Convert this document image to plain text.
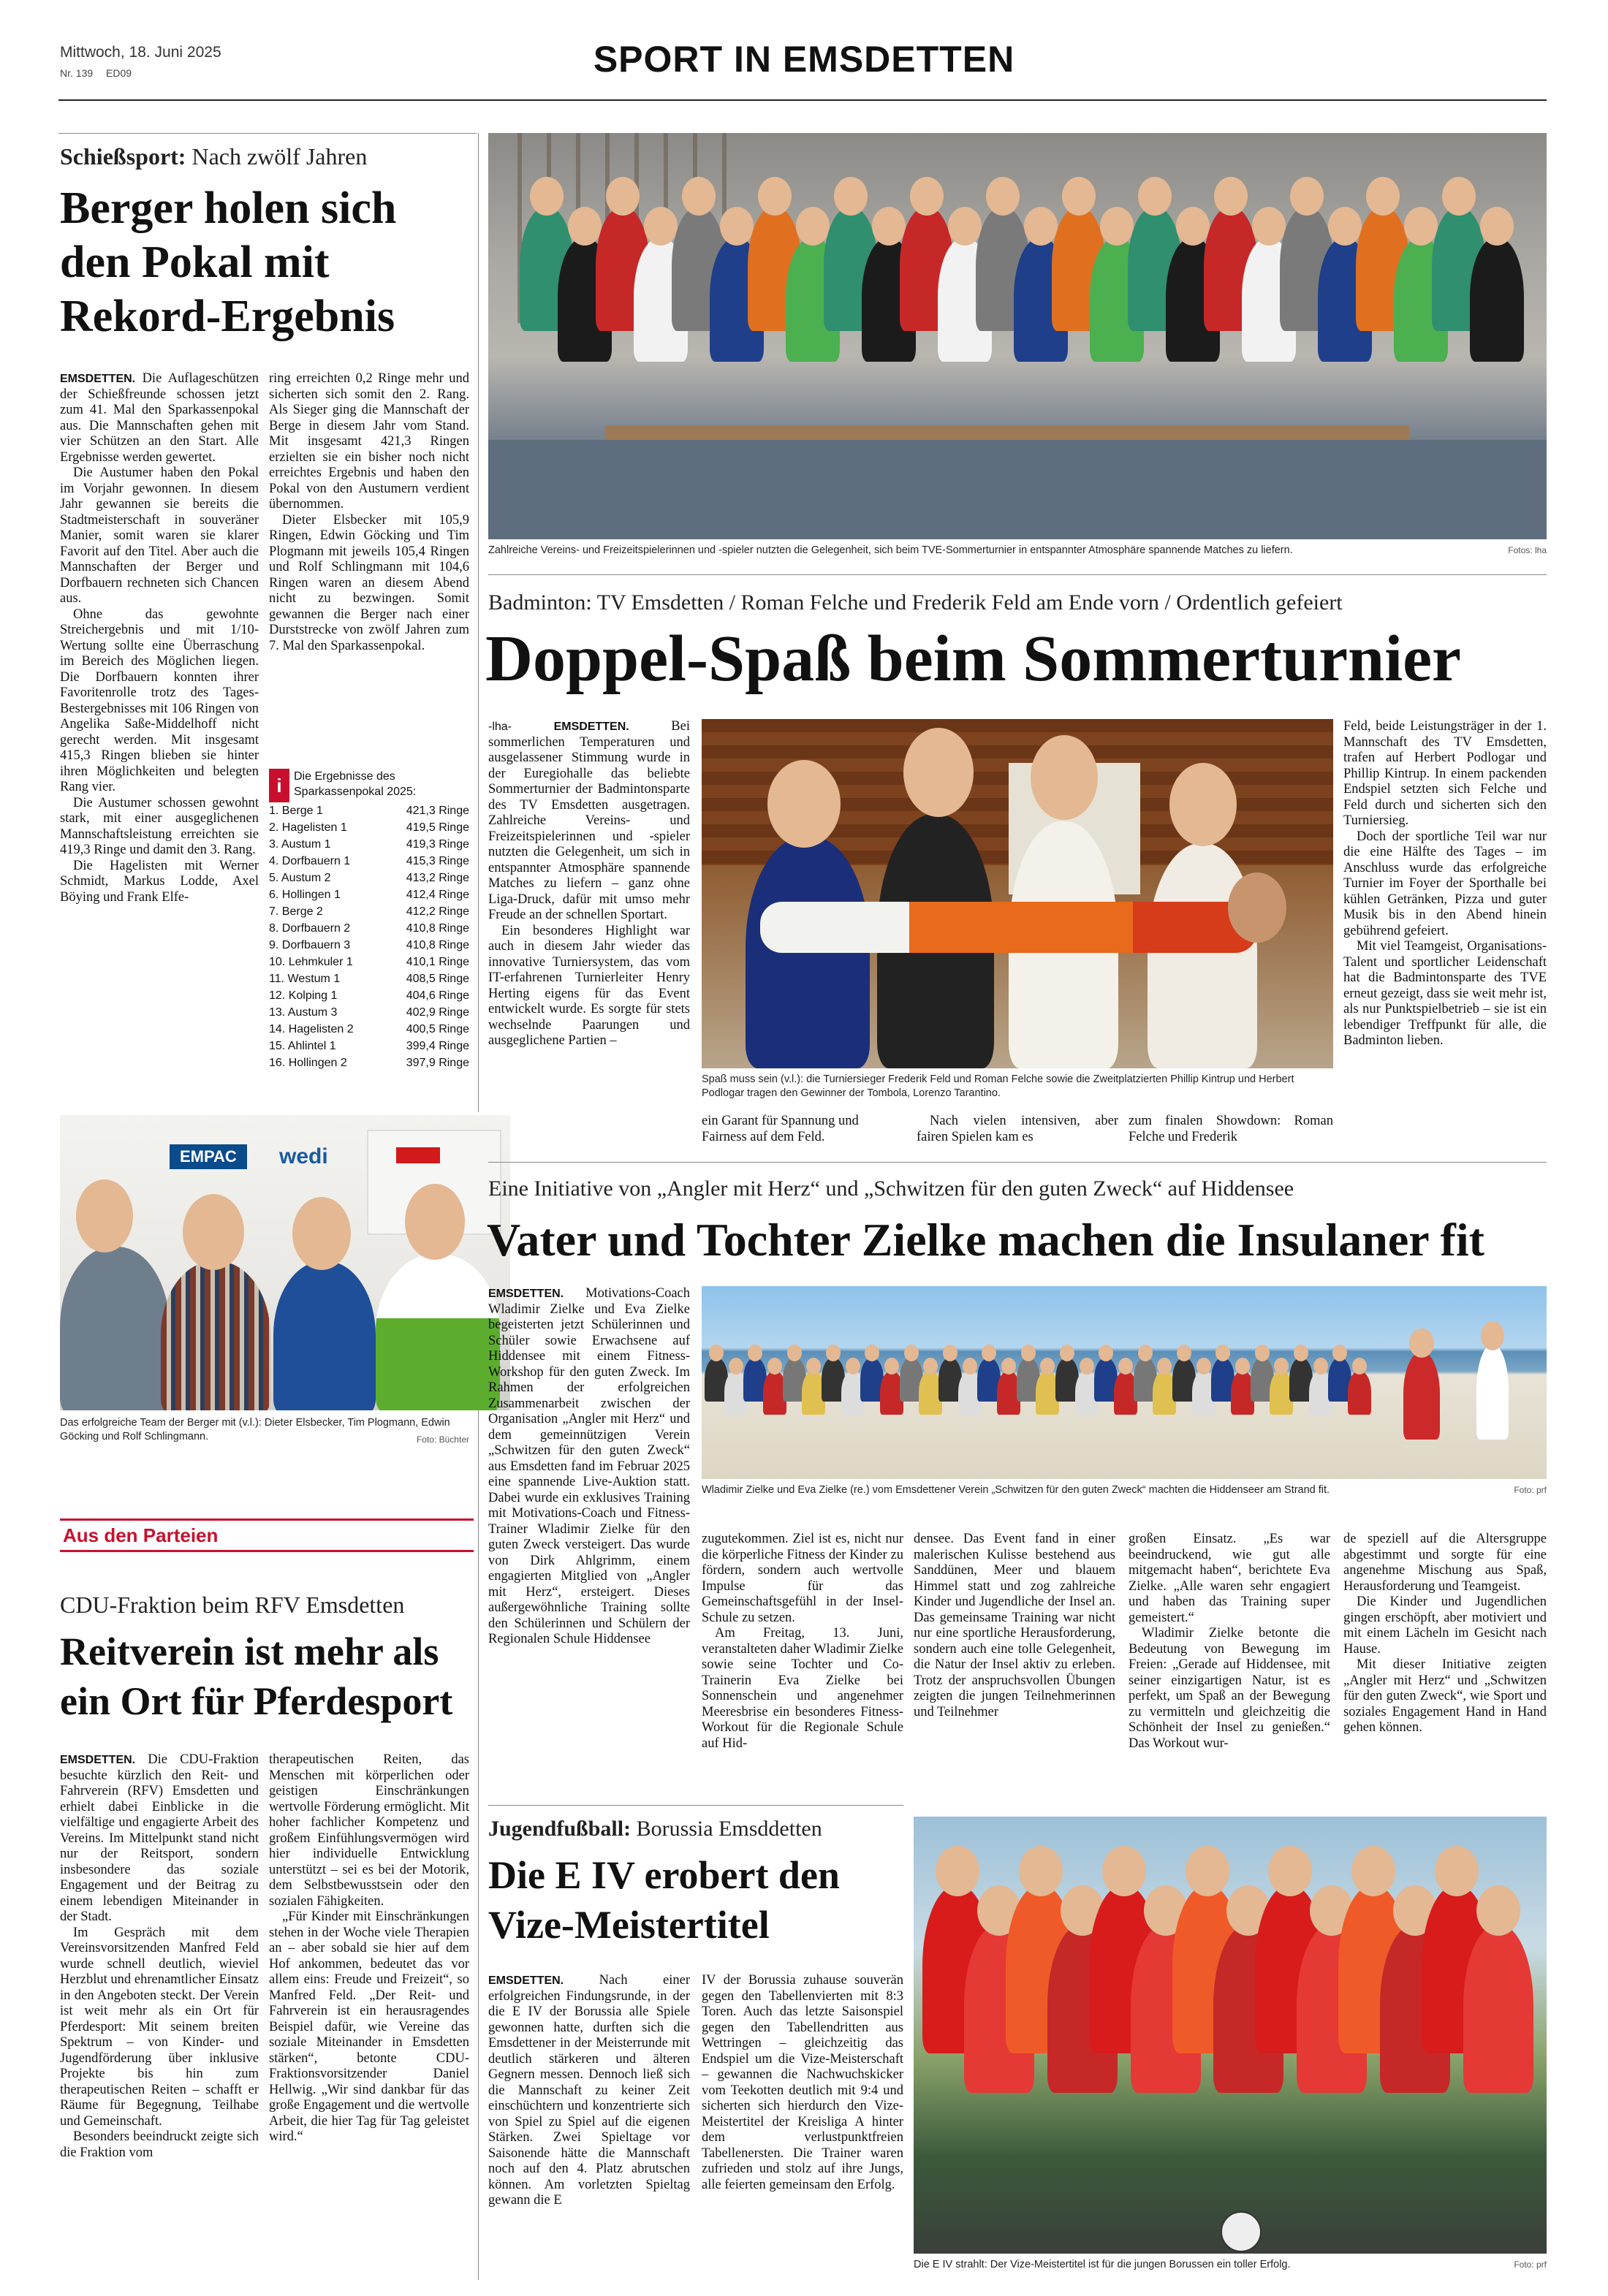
Mittwoch, 18. Juni 2025
Nr. 139 ED09	SPORT IN EMSDETTEN
Schießsport: Nach zwölf Jahren
Berger holen sich den Pokal mit Rekord-Ergebnis

EMSDETTEN. Die Auflageschützen der Schießfreunde schossen jetzt zum 41. Mal den Sparkassenpokal aus. Die Mannschaften gehen mit vier Schützen an den Start. Alle Ergebnisse werden gewertet.

Die Austumer haben den Pokal im Vorjahr gewonnen. In diesem Jahr gewannen sie bereits die Stadtmeisterschaft in souveräner Manier, somit waren sie klarer Favorit auf den Titel. Aber auch die Mannschaften der Berger und Dorfbauern rechneten sich Chancen aus.

Ohne das gewohnte Streichergebnis und mit 1/10-Wertung sollte eine Überraschung im Bereich des Möglichen liegen. Die Dorfbauern konnten ihrer Favoritenrolle trotz des Tages-Bestergebnisses mit 106 Ringen von Angelika Saße-Middelhoff nicht gerecht werden. Mit insgesamt 415,3 Ringen blieben sie hinter ihren Möglichkeiten und belegten Rang vier.

Die Austumer schossen gewohnt stark, mit einer ausgeglichenen Mannschaftsleistung erreichten sie 419,3 Ringe und damit den 3. Rang.

Die Hagelisten mit Werner Schmidt, Markus Lodde, Axel Böying und Frank Elfe-

ring erreichten 0,2 Ringe mehr und sicherten sich somit den 2. Rang. Als Sieger ging die Mannschaft der Berge in diesem Jahr vom Stand. Mit insgesamt 421,3 Ringen erzielten sie ein bisher noch nicht erreichtes Ergebnis und haben den Pokal von den Austumern verdient übernommen.

Dieter Elsbecker mit 105,9 Ringen, Edwin Göcking und Tim Plogmann mit jeweils 105,4 Ringen und Rolf Schlingmann mit 104,6 Ringen waren an diesem Abend nicht zu bezwingen. Somit gewannen die Berger nach einer Durststrecke von zwölf Jahren zum 7. Mal den Sparkassenpokal.

i	Die Ergebnisse des Sparkassenpokal 2025:
1. Berge 1	421,3 Ringe
2. Hagelisten 1	419,5 Ringe
3. Austum 1	419,3 Ringe
4. Dorfbauern 1	415,3 Ringe
5. Austum 2	413,2 Ringe
6. Hollingen 1	412,4 Ringe
7. Berge 2	412,2 Ringe
8. Dorfbauern 2	410,8 Ringe
9. Dorfbauern 3	410,8 Ringe
10. Lehmkuler 1	410,1 Ringe
11. Westum 1	408,5 Ringe
12. Kolping 1	404,6 Ringe
13. Austum 3	402,9 Ringe
14. Hagelisten 2	400,5 Ringe
15. Ahlintel 1	399,4 Ringe
16. Hollingen 2	397,9 Ringe
EMPAC	wedi
Das erfolgreiche Team der Berger mit (v.l.): Dieter Elsbecker, Tim Plogmann, Edwin Göcking und Rolf Schlingmann.	Foto: Büchter
Aus den Parteien
CDU-Fraktion beim RFV Emsdetten
Reitverein ist mehr als ein Ort für Pferdesport

EMSDETTEN. Die CDU-Fraktion besuchte kürzlich den Reit- und Fahrverein (RFV) Emsdetten und erhielt dabei Einblicke in die vielfältige und engagierte Arbeit des Vereins. Im Mittelpunkt stand nicht nur der Reitsport, sondern insbesondere das soziale Engagement und der Beitrag zu einem lebendigen Miteinander in der Stadt.

Im Gespräch mit dem Vereinsvorsitzenden Manfred Feld wurde schnell deutlich, wieviel Herzblut und ehrenamtlicher Einsatz in den Angeboten steckt. Der Verein ist weit mehr als ein Ort für Pferdesport: Mit seinem breiten Spektrum – von Kinder- und Jugendförderung über inklusive Projekte bis hin zum therapeutischen Reiten – schafft er Räume für Begegnung, Teilhabe und Gemeinschaft.

Besonders beeindruckt zeigte sich die Fraktion vom

therapeutischen Reiten, das Menschen mit körperlichen oder geistigen Einschränkungen wertvolle Förderung ermöglicht. Mit hoher fachlicher Kompetenz und großem Einfühlungsvermögen wird hier individuelle Entwicklung unterstützt – sei es bei der Motorik, dem Selbstbewusstsein oder den sozialen Fähigkeiten.

„Für Kinder mit Einschränkungen stehen in der Woche viele Therapien an – aber sobald sie hier auf dem Hof ankommen, bedeutet das vor allem eins: Freude und Freizeit“, so Manfred Feld. „Der Reit- und Fahrverein ist ein herausragendes Beispiel dafür, wie Vereine das soziale Miteinander in Emsdetten stärken“, betonte CDU-Fraktionsvorsitzender Daniel Hellwig. „Wir sind dankbar für das große Engagement und die wertvolle Arbeit, die hier Tag für Tag geleistet wird.“

Zahlreiche Vereins- und Freizeitspielerinnen und -spieler nutzten die Gelegenheit, sich beim TVE-Sommerturnier in entspannter Atmosphäre spannende Matches zu liefern.	Fotos: lha
Badminton: TV Emsdetten / Roman Felche und Frederik Feld am Ende vorn / Ordentlich gefeiert
Doppel-Spaß beim Sommerturnier

-lha-	EMSDETTEN.	Bei sommerlichen Temperaturen und ausgelassener Stimmung wurde in der Euregiohalle das beliebte Sommerturnier der Badmintonsparte des TV Emsdetten ausgetragen. Zahlreiche Vereins- und Freizeitspielerinnen und -spieler nutzten die Gelegenheit, um sich in entspannter Atmosphäre spannende Matches zu liefern – ganz ohne Liga-Druck, dafür mit umso mehr Freude an der schnellen Sportart.

Ein besonderes Highlight war auch in diesem Jahr wieder das innovative Turniersystem, das vom IT-erfahrenen Turnierleiter Henry Herting eigens für das Event entwickelt wurde. Es sorgte für stets wechselnde Paarungen und ausgeglichene Partien –

Spaß muss sein (v.l.): die Turniersieger Frederik Feld und Roman Felche sowie die Zweitplatzierten Phillip Kintrup und Herbert Podlogar tragen den Gewinner der Tombola, Lorenzo Tarantino.

Feld, beide Leistungsträger in der 1. Mannschaft des TV Emsdetten, trafen auf Herbert Podlogar und Phillip Kintrup. In einem packenden Endspiel setzten sich Felche und Feld durch und sicherten sich den Turniersieg.

Doch der sportliche Teil war nur die eine Hälfte des Tages – im Anschluss wurde das erfolgreiche Turnier im Foyer der Sporthalle bei kühlen Getränken, Pizza und guter Musik bis in den Abend hinein gebührend gefeiert.

Mit viel Teamgeist, Organisations-Talent und sportlicher Leidenschaft hat die Badmintonsparte des TVE erneut gezeigt, dass sie weit mehr ist, als nur Punktspielbetrieb – sie ist ein lebendiger Treffpunkt für alle, die Badminton lieben.

ein Garant für Spannung und Fairness auf dem Feld.
Nach vielen intensiven, aber fairen Spielen kam es
zum finalen Showdown: Roman Felche und Frederik
Eine Initiative von „Angler mit Herz“ und „Schwitzen für den guten Zweck“ auf Hiddensee
Vater und Tochter Zielke machen die Insulaner fit

EMSDETTEN. Motivations-Coach Wladimir Zielke und Eva Zielke begeisterten jetzt Schülerinnen und Schüler sowie Erwachsene auf Hiddensee mit einem Fitness-Workshop für den guten Zweck. Im Rahmen der erfolgreichen Zusammenarbeit zwischen der Organisation „Angler mit Herz“ und dem gemeinnützigen Verein „Schwitzen für den guten Zweck“ aus Emsdetten fand im Februar 2025 eine spannende Live-Auktion statt. Dabei wurde ein exklusives Training mit Motivations-Coach und Fitness-Trainer Wladimir Zielke für den guten Zweck versteigert. Das wurde von Dirk Ahlgrimm, einem engagierten Mitglied von „Angler mit Herz“, ersteigert. Dieses außergewöhnliche Training sollte den Schülerinnen und Schülern der Regionalen Schule Hiddensee

Wladimir Zielke und Eva Zielke (re.) vom Emsdettener Verein „Schwitzen für den guten Zweck“ machten die Hiddenseer am Strand fit.	Foto: prf

zugutekommen. Ziel ist es, nicht nur die körperliche Fitness der Kinder zu fördern, sondern auch wertvolle Impulse für das Gemeinschaftsgefühl in der Insel-Schule zu setzen.

Am Freitag, 13. Juni, veranstalteten daher Wladimir Zielke sowie seine Tochter und Co-Trainerin Eva Zielke bei Sonnenschein und angenehmer Meeresbrise ein besonderes Fitness-Workout für die Regionale Schule auf Hid-

densee. Das Event fand in einer malerischen Kulisse bestehend aus Sanddünen, Meer und blauem Himmel statt und zog zahlreiche Kinder und Jugendliche der Insel an. Das gemeinsame Training war nicht nur eine sportliche Herausforderung, sondern auch eine tolle Gelegenheit, die Natur der Insel aktiv zu erleben. Trotz der anspruchsvollen Übungen zeigten die jungen Teilnehmerinnen und Teilnehmer

großen Einsatz. „Es war beeindruckend, wie gut alle mitgemacht haben“, berichtete Eva Zielke. „Alle waren sehr engagiert und haben das Training super gemeistert.“

Wladimir Zielke betonte die Bedeutung von Bewegung im Freien: „Gerade auf Hiddensee, mit seiner einzigartigen Natur, ist es perfekt, um Spaß an der Bewegung zu vermitteln und gleichzeitig die Schönheit der Insel zu genießen.“ Das Workout wur-

de speziell auf die Altersgruppe abgestimmt und sorgte für eine angenehme Mischung aus Spaß, Herausforderung und Teamgeist.

Die Kinder und Jugendlichen gingen erschöpft, aber motiviert und mit einem Lächeln im Gesicht nach Hause.

Mit dieser Initiative zeigten „Angler mit Herz“ und „Schwitzen für den guten Zweck“, wie Sport und soziales Engagement Hand in Hand gehen können.

Jugendfußball: Borussia Emsddetten
Die E IV erobert den Vize-Meistertitel

EMSDETTEN.	Nach einer erfolgreichen Findungsrunde, in der die E IV der Borussia alle Spiele gewonnen hatte, durften sich die Emsdettener in der Meisterrunde mit deutlich stärkeren und älteren Gegnern messen. Dennoch ließ sich die Mannschaft zu keiner Zeit einschüchtern und konzentrierte sich von Spiel zu Spiel auf die eigenen Stärken. Zwei Spieltage vor Saisonende hätte die Mannschaft noch auf den 4. Platz abrutschen können. Am vorletzten Spieltag gewann die E

IV der Borussia zuhause souverän gegen den Tabellenvierten mit 8:3 Toren. Auch das letzte Saisonspiel gegen den Tabellendritten aus Wettringen – gleichzeitig das Endspiel um die Vize-Meisterschaft – gewannen die Nachwuchskicker vom Teekotten deutlich mit 9:4 und sicherten sich hierdurch den Vize-Meistertitel der Kreisliga A hinter dem verlustpunktfreien Tabellenersten. Die Trainer waren zufrieden und stolz auf ihre Jungs, alle feierten gemeinsam den Erfolg.

Die E IV strahlt: Der Vize-Meistertitel ist für die jungen Borussen ein toller Erfolg.	Foto: prf
